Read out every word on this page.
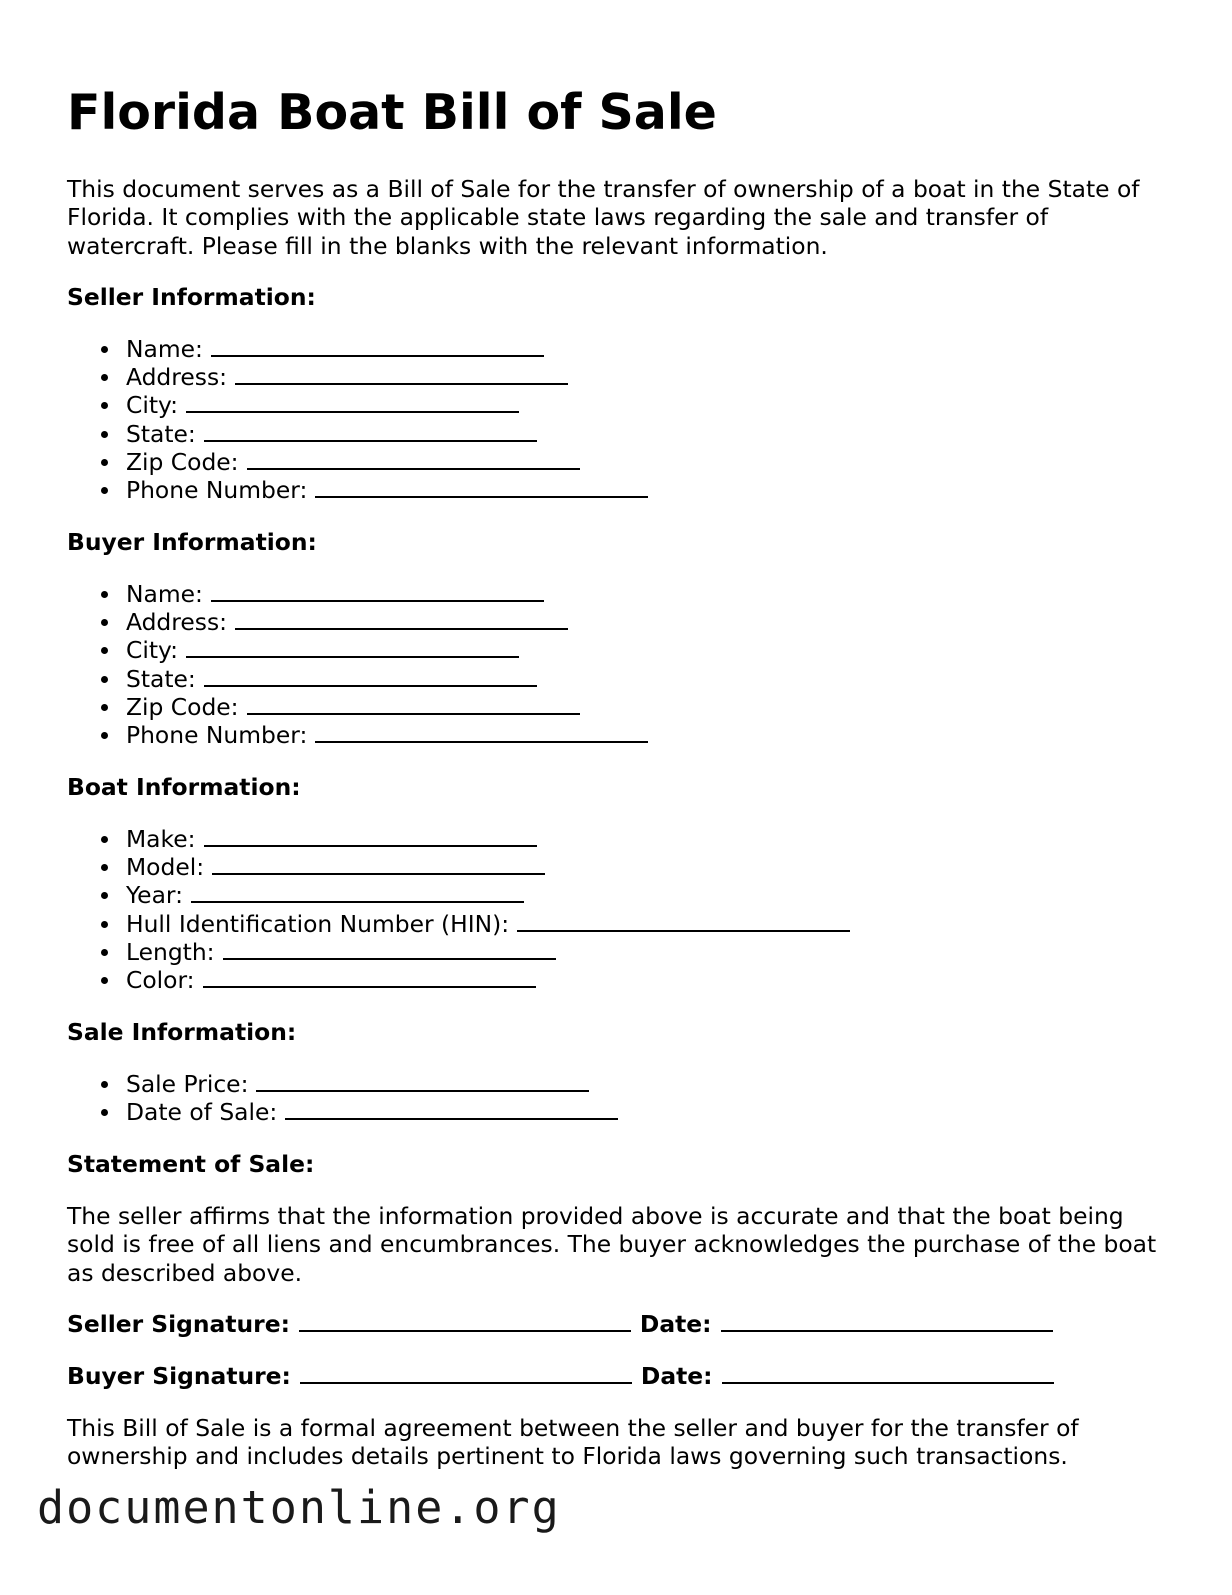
Florida Boat Bill of Sale

This document serves as a Bill of Sale for the transfer of ownership of a boat in the State of Florida. It complies with the applicable state laws regarding the sale and transfer of watercraft. Please fill in the blanks with the relevant information.

Seller Information:
Name:
Address:
City:
State:
Zip Code:
Phone Number:
Buyer Information:
Name:
Address:
City:
State:
Zip Code:
Phone Number:
Boat Information:
Make:
Model:
Year:
Hull Identification Number (HIN):
Length:
Color:
Sale Information:
Sale Price:
Date of Sale:
Statement of Sale:

The seller affirms that the information provided above is accurate and that the boat being sold is free of all liens and encumbrances. The buyer acknowledges the purchase of the boat as described above.

Seller Signature:	Date:
Buyer Signature:	Date:

This Bill of Sale is a formal agreement between the seller and buyer for the transfer of ownership and includes details pertinent to Florida laws governing such transactions.

documentonline.org
